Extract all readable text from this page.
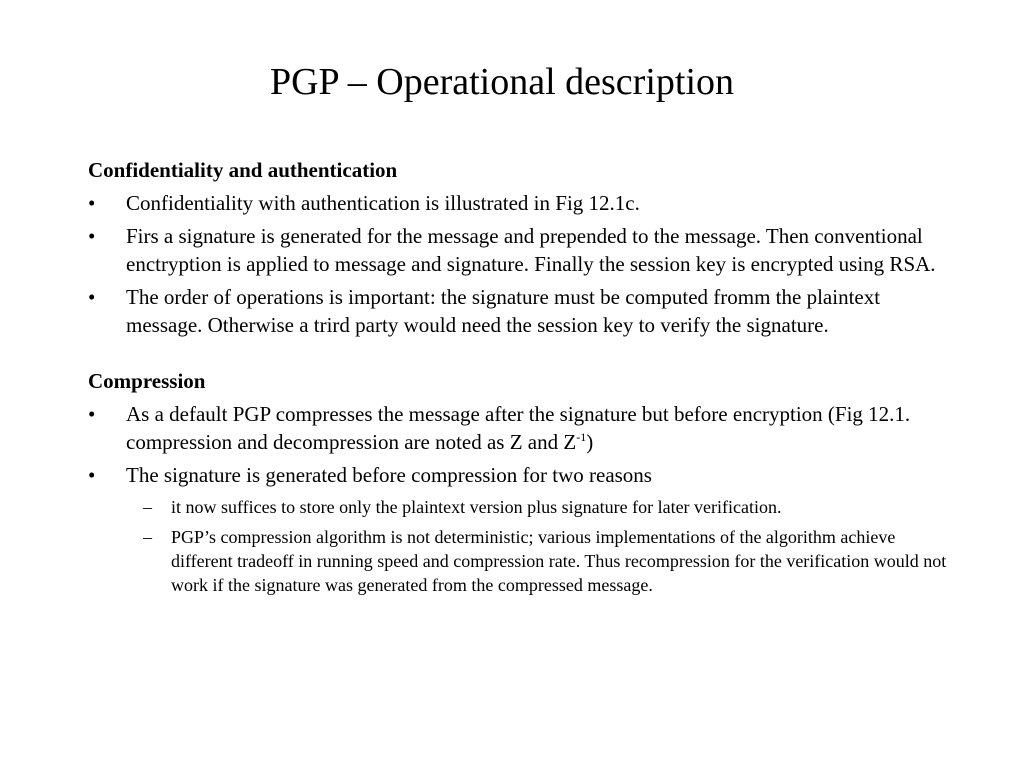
PGP – Operational description

Confidentiality and authentication

•	Confidentiality with authentication is illustrated in Fig 12.1c.
•	Firs a signature is generated for the message and prepended to the message. Then conventional enctryption is applied to message and signature. Finally the session key is encrypted using RSA.
•	The order of operations is important: the signature must be computed fromm the plaintext message. Otherwise a trird party would need the session key to verify the signature.

Compression

•	As a default PGP compresses the message after the signature but before encryption (Fig 12.1. compression and decompression are noted as Z and $Z^{-1}$)
•	The signature is generated before compression for two reasons
– it now suffices to store only the plaintext version plus signature for later verification.
– PGP’s compression algorithm is not deterministic; various implementations of the algorithm achieve different tradeoff in running speed and compression rate. Thus recompression for the verification would not work if the signature was generated from the compressed message.
